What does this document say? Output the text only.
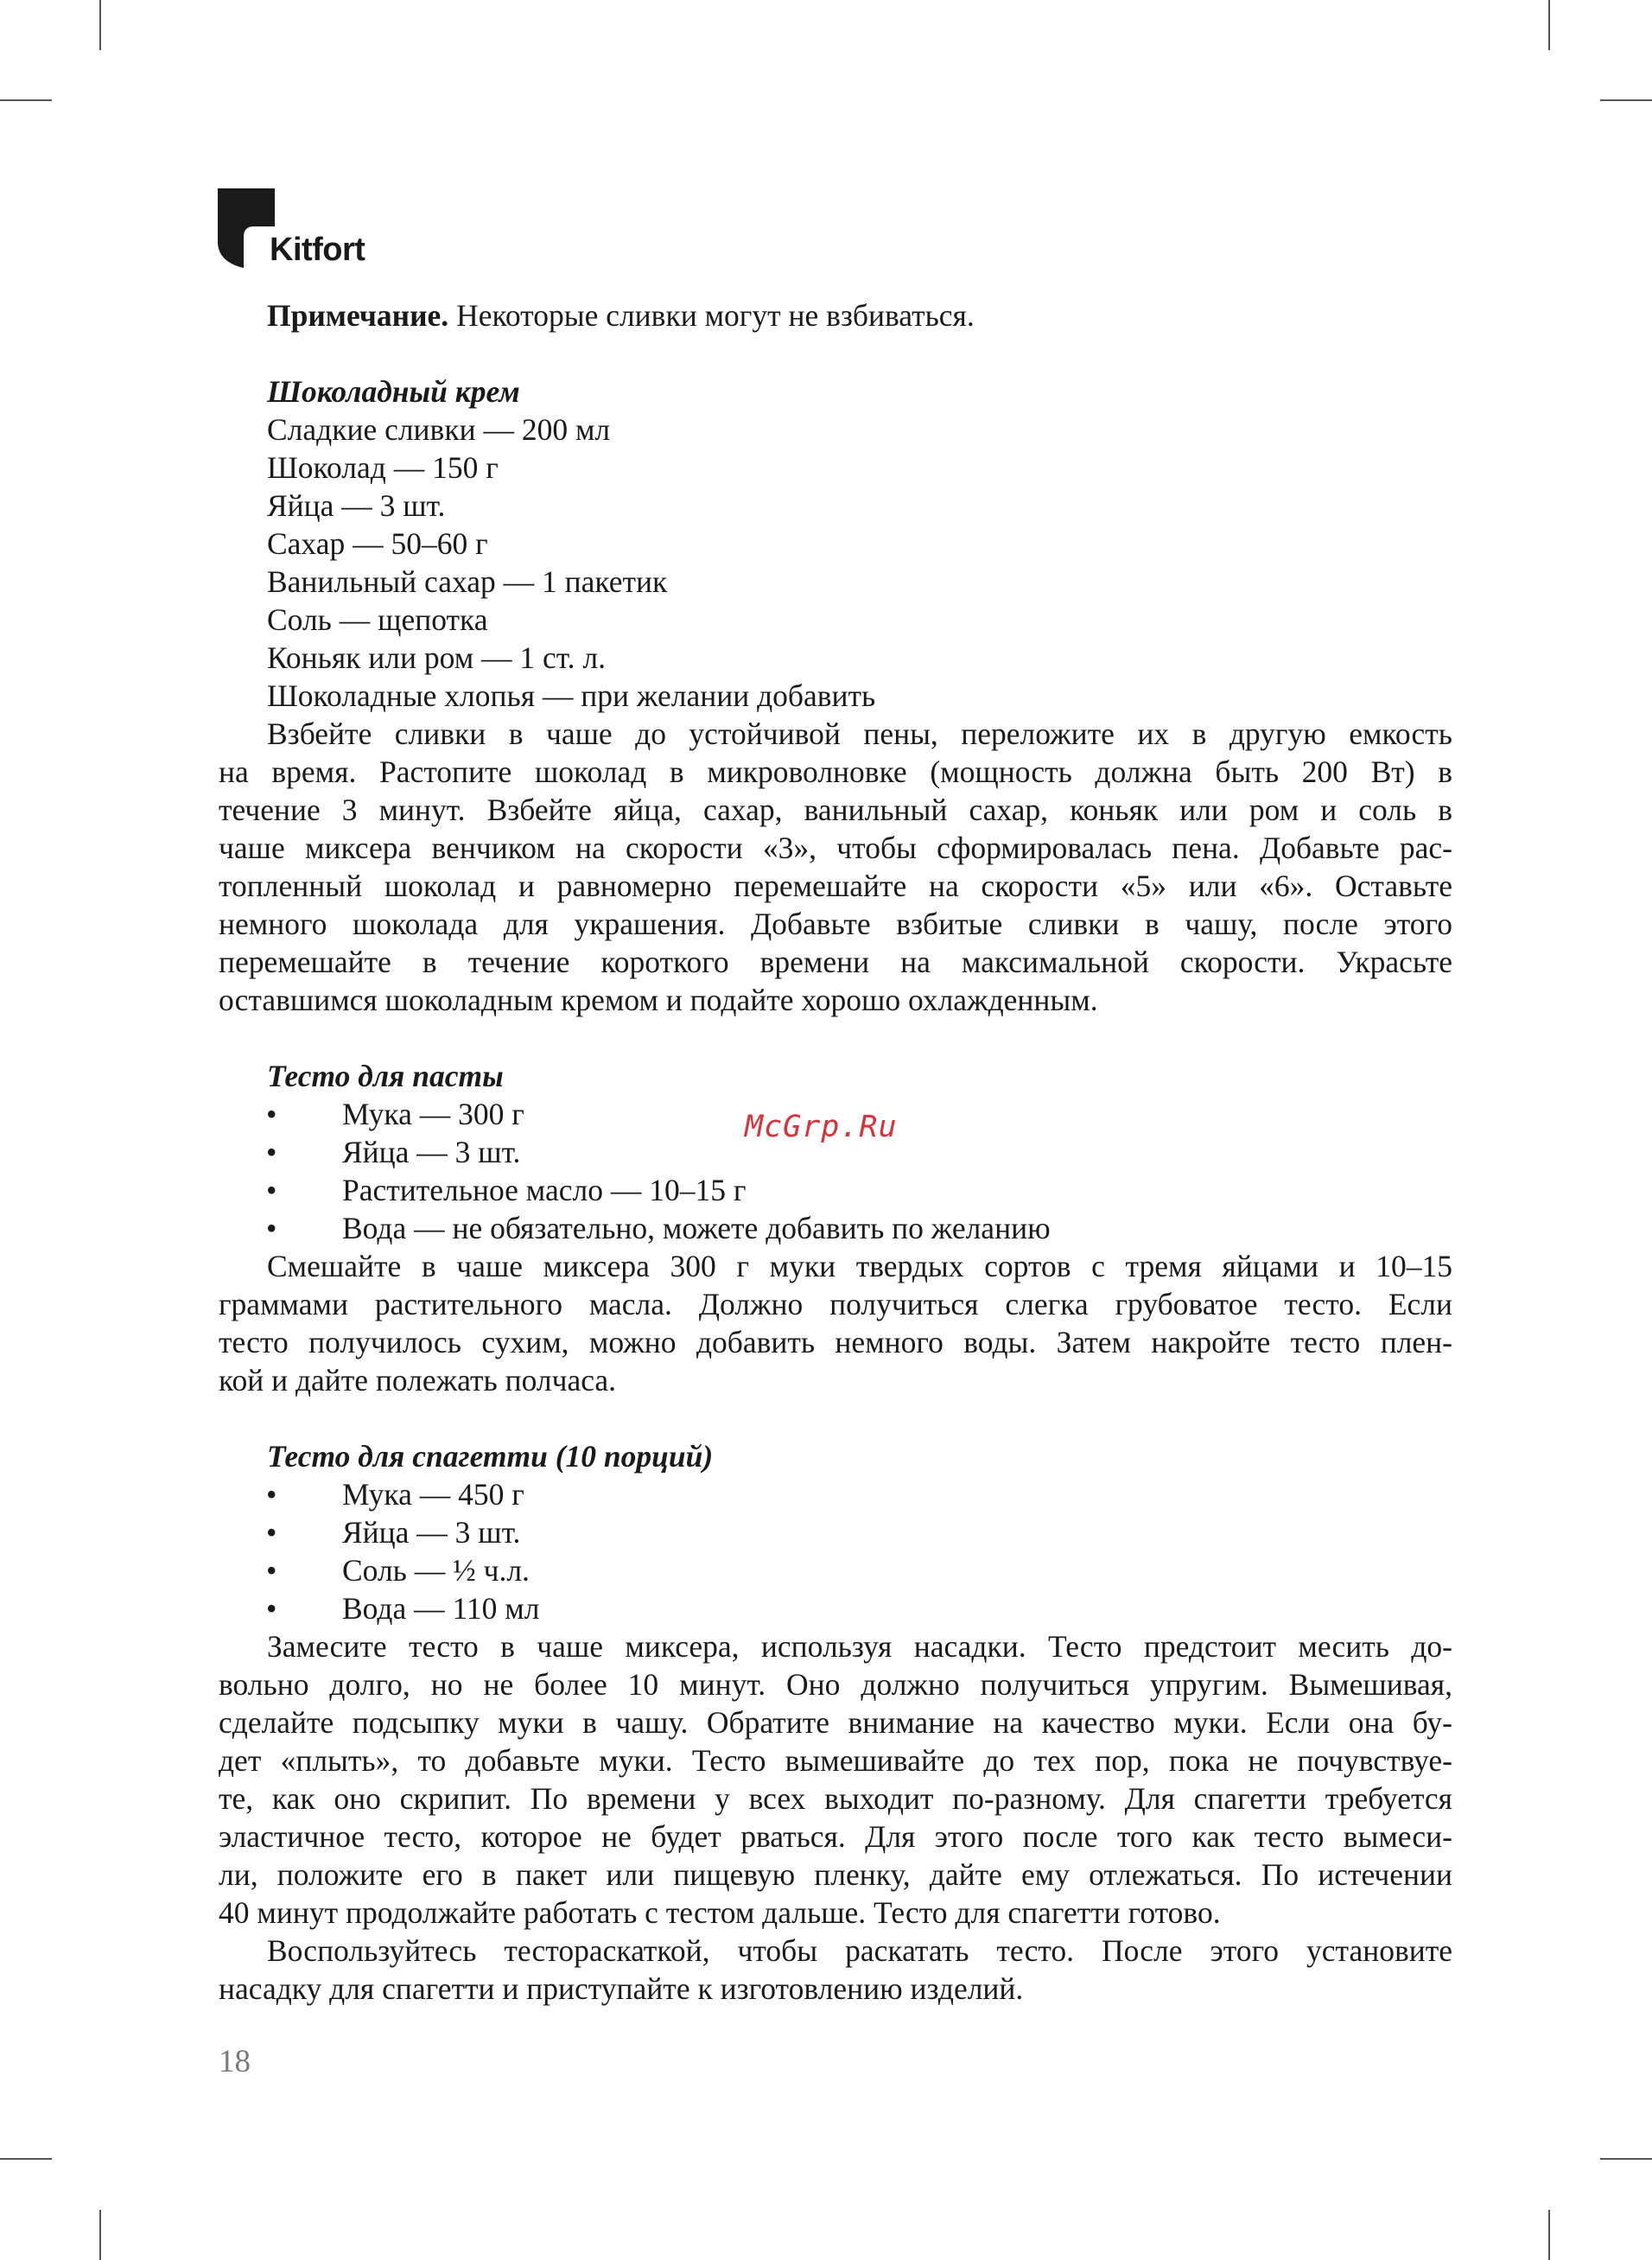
Kitfort
Примечание. Некоторые сливки могут не взбиваться.
Шоколадный крем
Сладкие сливки — 200 мл
Шоколад — 150 г
Яйца — 3 шт.
Сахар — 50–60 г
Ванильный сахар — 1 пакетик
Соль — щепотка
Коньяк или ром — 1 ст. л.
Шоколадные хлопья — при желании добавить
Взбейте сливки в чаше до устойчивой пены, переложите их в другую емкость
на время. Растопите шоколад в микроволновке (мощность должна быть 200 Вт) в
течение 3 минут. Взбейте яйца, сахар, ванильный сахар, коньяк или ром и соль в
чаше миксера венчиком на скорости «3», чтобы сформировалась пена. Добавьте рас-
топленный шоколад и равномерно перемешайте на скорости «5» или «6». Оставьте
немного шоколада для украшения. Добавьте взбитые сливки в чашу, после этого
перемешайте в течение короткого времени на максимальной скорости. Украсьте
оставшимся шоколадным кремом и подайте хорошо охлажденным.
Тесто для пасты
• Мука — 300 г
• Яйца — 3 шт.
• Растительное масло — 10–15 г
• Вода — не обязательно, можете добавить по желанию
Смешайте в чаше миксера 300 г муки твердых сортов с тремя яйцами и 10–15
граммами растительного масла. Должно получиться слегка грубоватое тесто. Если
тесто получилось сухим, можно добавить немного воды. Затем накройте тесто плен-
кой и дайте полежать полчаса.
Тесто для спагетти (10 порций)
• Мука — 450 г
• Яйца — 3 шт.
• Соль — ½ ч.л.
• Вода — 110 мл
Замесите тесто в чаше миксера, используя насадки. Тесто предстоит месить до-
вольно долго, но не более 10 минут. Оно должно получиться упругим. Вымешивая,
сделайте подсыпку муки в чашу. Обратите внимание на качество муки. Если она бу-
дет «плыть», то добавьте муки. Тесто вымешивайте до тех пор, пока не почувствуе-
те, как оно скрипит. По времени у всех выходит по-разному. Для спагетти требуется
эластичное тесто, которое не будет рваться. Для этого после того как тесто вымеси-
ли, положите его в пакет или пищевую пленку, дайте ему отлежаться. По истечении
40 минут продолжайте работать с тестом дальше. Тесто для спагетти готово.
Воспользуйтесь тестораскаткой, чтобы раскатать тесто. После этого установите
насадку для спагетти и приступайте к изготовлению изделий.
McGrp.Ru
18
